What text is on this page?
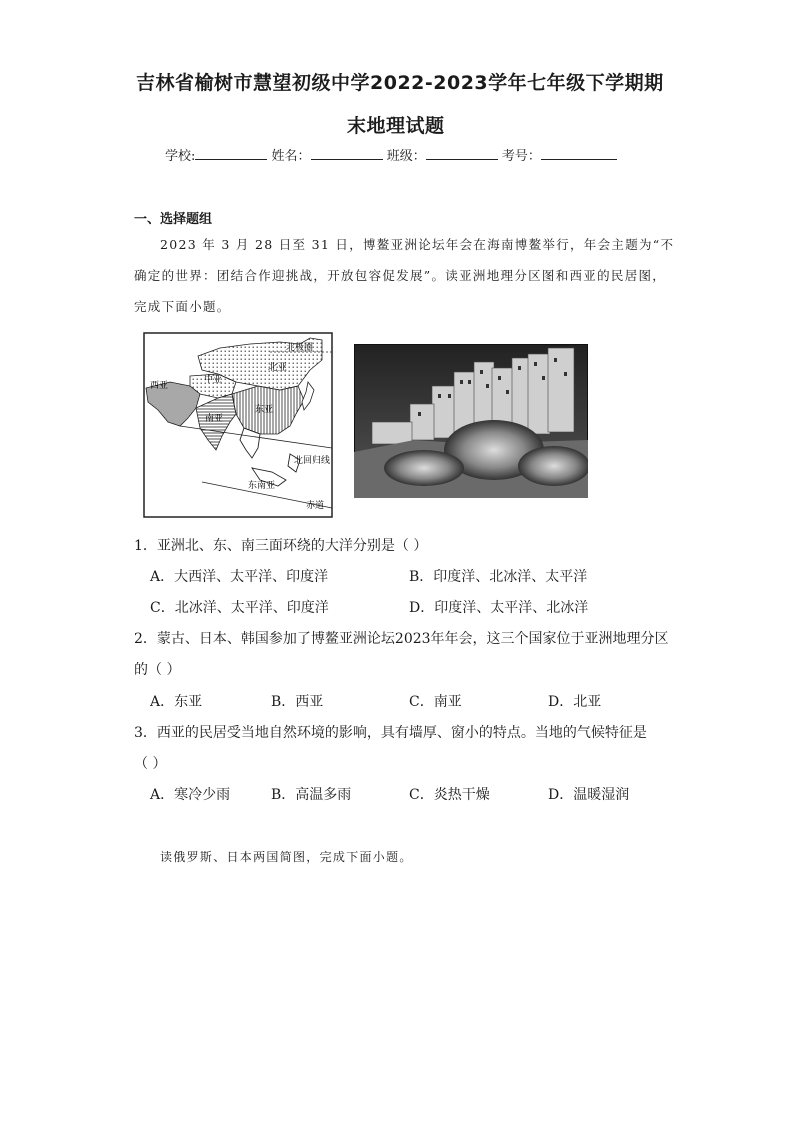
吉林省榆树市慧望初级中学2022-2023学年七年级下学期期
末地理试题
学校:	姓名：	班级：	考号：
一、选择题组
2023 年 3 月 28 日至 31 日，博鳌亚洲论坛年会在海南博鳌举行，年会主题为“不
确定的世界：团结合作迎挑战，开放包容促发展”。读亚洲地理分区图和西亚的民居图，
完成下面小题。
北极圈
北亚
中亚
西亚
东亚
南亚
北回归线
东南亚
赤道
1．亚洲北、东、南三面环绕的大洋分别是（ ）
A．大西洋、太平洋、印度洋	B．印度洋、北冰洋、太平洋
C．北冰洋、太平洋、印度洋	D．印度洋、太平洋、北冰洋
2．蒙古、日本、韩国参加了博鳌亚洲论坛2023年年会，这三个国家位于亚洲地理分区
的（ ）
A．东亚	B．西亚	C．南亚	D．北亚
3．西亚的民居受当地自然环境的影响，具有墙厚、窗小的特点。当地的气候特征是
（ ）
A．寒冷少雨	B．高温多雨	C．炎热干燥	D．温暖湿润
读俄罗斯、日本两国简图，完成下面小题。
